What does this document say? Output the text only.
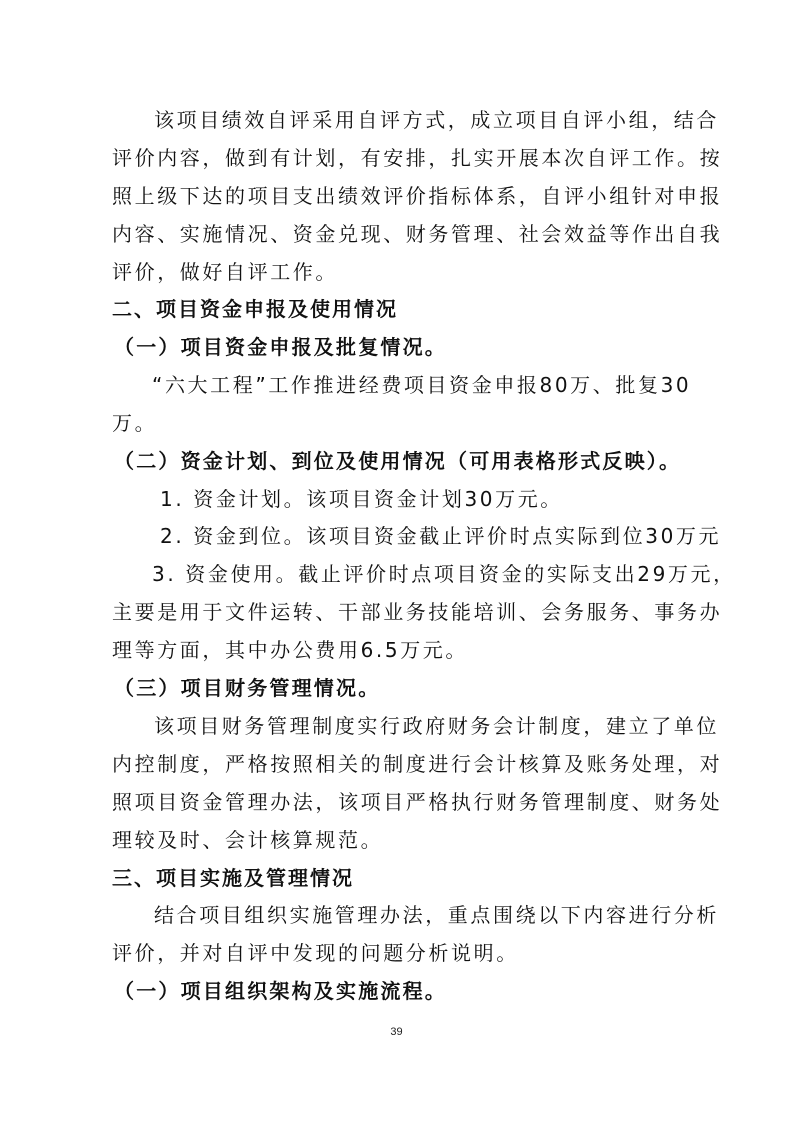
该项目绩效自评采用自评方式，成立项目自评小组，结合
评价内容，做到有计划，有安排，扎实开展本次自评工作。按
照上级下达的项目支出绩效评价指标体系，自评小组针对申报
内容、实施情况、资金兑现、财务管理、社会效益等作出自我
评价，做好自评工作。
二、项目资金申报及使用情况
（一）项目资金申报及批复情况。
“六大工程”工作推进经费项目资金申报80万、批复30
万。
（二）资金计划、到位及使用情况（可用表格形式反映）。
1. 资金计划。该项目资金计划30万元。
2. 资金到位。该项目资金截止评价时点实际到位30万元
3. 资金使用。截止评价时点项目资金的实际支出29万元，
主要是用于文件运转、干部业务技能培训、会务服务、事务办
理等方面，其中办公费用6.5万元。
（三）项目财务管理情况。
该项目财务管理制度实行政府财务会计制度，建立了单位
内控制度，严格按照相关的制度进行会计核算及账务处理，对
照项目资金管理办法，该项目严格执行财务管理制度、财务处
理较及时、会计核算规范。
三、项目实施及管理情况
结合项目组织实施管理办法，重点围绕以下内容进行分析
评价，并对自评中发现的问题分析说明。
（一）项目组织架构及实施流程。
39
